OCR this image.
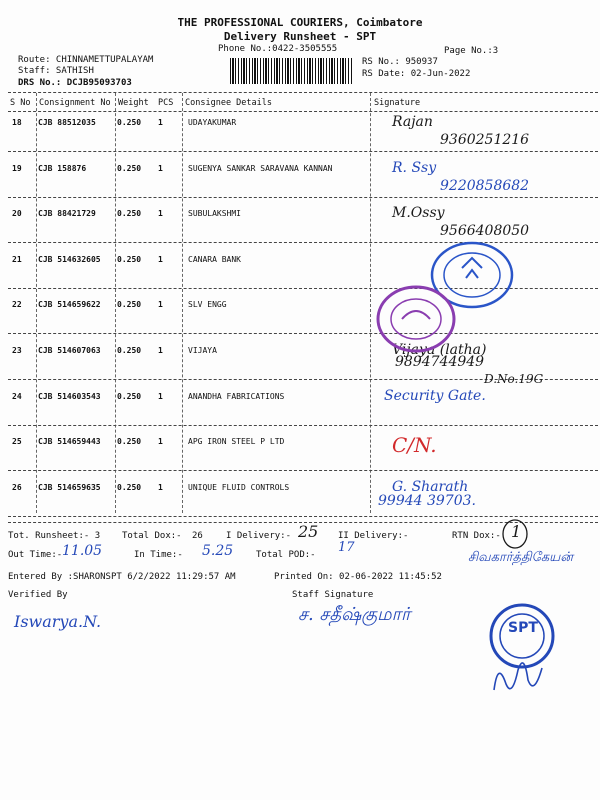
THE PROFESSIONAL COURIERS, Coimbatore
Delivery Runsheet - SPT
Phone No.:0422-3505555	Page No.:3
Route: CHINNAMETTUPALAYAM
Staff: SATHISH
DRS No.: DCJB95093703
RS No.: 950937
RS Date: 02-Jun-2022
S No Consignment No Weight PCS Consignee Details	Signature
18 CJB 88512035	0.250 1	UDAYAKUMAR	Rajan
9360251216
19 CJB 158876	0.250 1	SUGENYA SANKAR SARAVANA KANNAN	R. Ssy
9220858682
20 CJB 88421729	0.250 1	SUBULAKSHMI	M.Ossy
9566408050
21 CJB 514632605 0.250 1	CANARA BANK
22 CJB 514659622 0.250 1	SLV ENGG
23 CJB 514607063 0.250 1	VIJAYA	Vijaya (latha)
9894744949
24 CJB 514603543 0.250 1	ANANDHA FABRICATIONS	Security Gate.
25 CJB 514659443 0.250 1	APG IRON STEEL P LTD	C/N.
26 CJB 514659635 0.250 1	UNIQUE FLUID CONTROLS	G. Sharath
99944 39703.
D.No.19G
Tot. Runsheet:- 3 Total Dox:- 26	I Delivery:- 25 II Delivery:-	RTN Dox:- 1
Out Time:- 11.05	In Time:- 5.25	Total POD:- 17
சிவகார்த்திகேயன்
Entered By :SHARONSPT 6/2/2022 11:29:57 AM	Printed On: 02-06-2022 11:45:52
Verified By
Iswarya.N.
Staff Signature
ச. சதீஷ்குமார்
SPT
